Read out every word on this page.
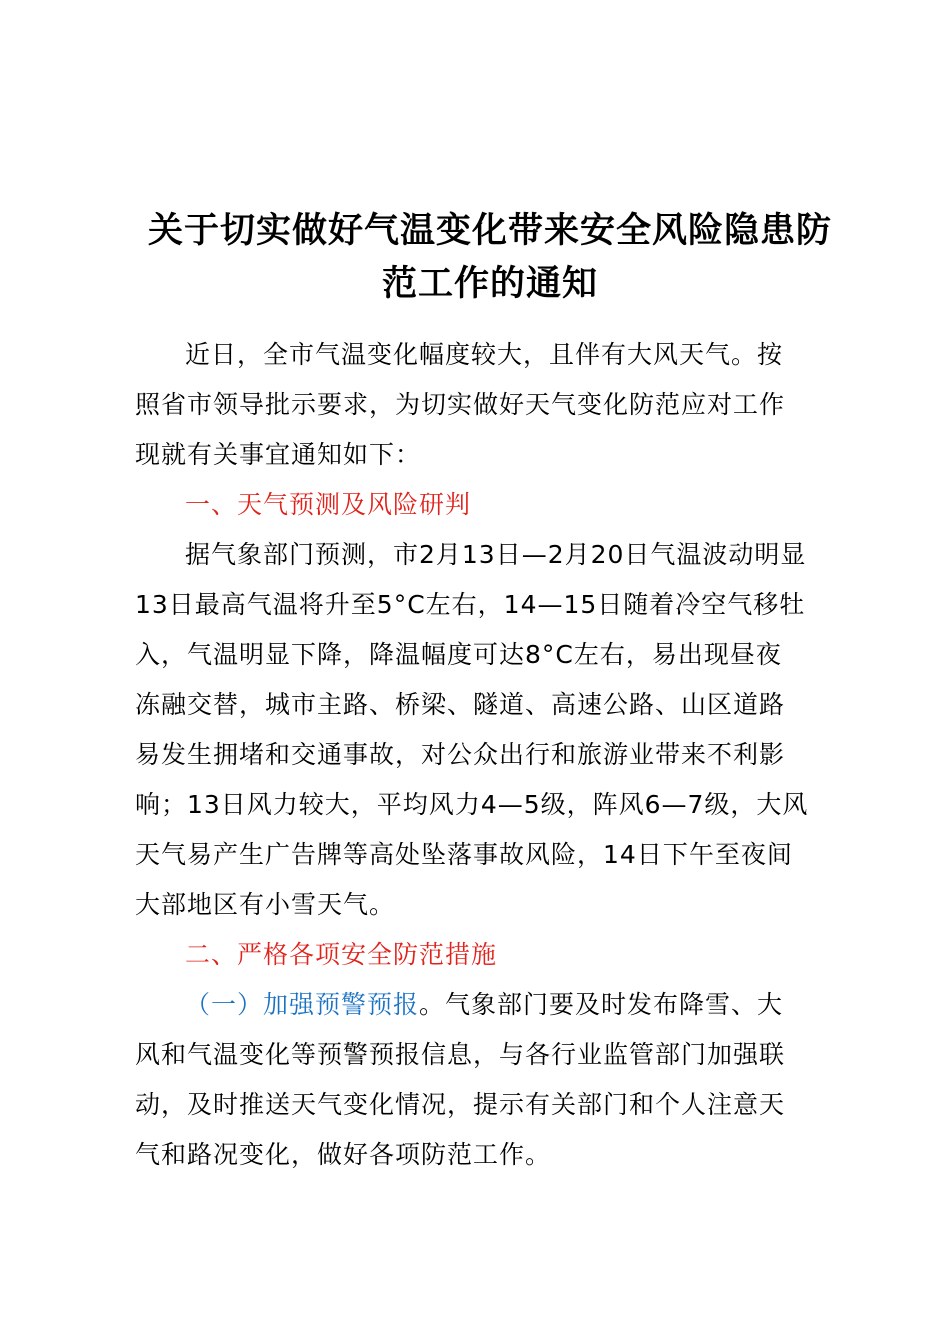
关于切实做好气温变化带来安全风险隐患防
范工作的通知
近日，全市气温变化幅度较大，且伴有大风天气。按
照省市领导批示要求，为切实做好天气变化防范应对工作
现就有关事宜通知如下：
一、天气预测及风险研判
据气象部门预测，市2月13日—2月20日气温波动明显
13日最高气温将升至5°C左右，14—15日随着冷空气移牡
入，气温明显下降，降温幅度可达8°C左右，易出现昼夜
冻融交替，城市主路、桥梁、隧道、高速公路、山区道路
易发生拥堵和交通事故，对公众出行和旅游业带来不利影
响；13日风力较大，平均风力4—5级，阵风6—7级，大风
天气易产生广告牌等高处坠落事故风险，14日下午至夜间
大部地区有小雪天气。
二、严格各项安全防范措施
（一）加强预警预报。气象部门要及时发布降雪、大
风和气温变化等预警预报信息，与各行业监管部门加强联
动，及时推送天气变化情况，提示有关部门和个人注意天
气和路况变化，做好各项防范工作。
